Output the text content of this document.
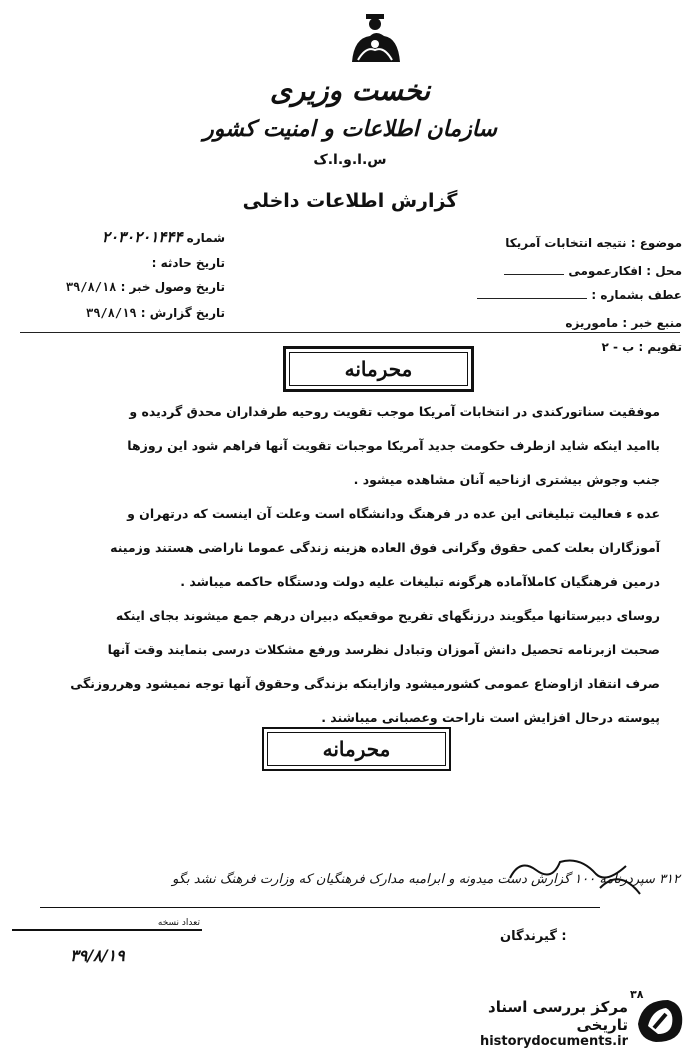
نخست وزیری
سازمان اطلاعات و امنیت کشور
س.ا.و.ا.ک
گزارش اطلاعات داخلی
موضوع : نتیجه انتخابات آمریکا
محل : افکارعمومی
عطف بشماره :
منبع خبر : ماموریزه
تقویم : ب - ۲
شماره ۲۰۳۰۲۰۱۴۴۴
تاریخ حادثه :
تاریخ وصول خبر : ۳۹/۸/۱۸
تاریخ گزارش : ۳۹/۸/۱۹
محرمانه
موفقیت سناتورکندی در انتخابات آمریکا موجب تقویت روحیه طرفداران محدق گردیده و
باامید اینکه شاید ازطرف حکومت جدید آمریکا موجبات تقویت آنها فراهم شود این روزها
جنب وجوش بیشتری ازناحیه آنان مشاهده میشود .
عده ء فعالیت تبلیغاتی این عده در فرهنگ ودانشگاه است وعلت آن اینست که درتهران و
آموزگاران بعلت کمی حقوق وگرانی فوق العاده هزینه زندگی عموما ناراضی هستند وزمینه
درمین فرهنگیان کاملاآماده هرگونه تبلیغات علیه دولت ودستگاه حاکمه میباشد .
روسای دبیرستانها میگویند درزنگهای تفریح موقعیکه دبیران درهم جمع میشوند بجای اینکه
صحبت ازبرنامه تحصیل دانش آموزان وتبادل نظرسد ورفع مشکلات درسی بنمایند وقت آنها
صرف انتقاد ازاوضاع عمومی کشورمیشود وازاینکه بزندگی وحقوق آنها توجه نمیشود وهرروزنگی
پیوسته درحال افزایش است ناراحت وعصبانی میباشند .
محرمانه
۳۱۲ سپردرنامه ۱۰۰ گزارش دست میدونه و ابرامبه مدارک فرهنگیان که وزارت فرهنگ نشد بگو
: گیرندگان
تعداد نسخه
۳۹/۸/۱۹
۳۸
مرکز بررسی اسناد تاریخی
historydocuments.ir
